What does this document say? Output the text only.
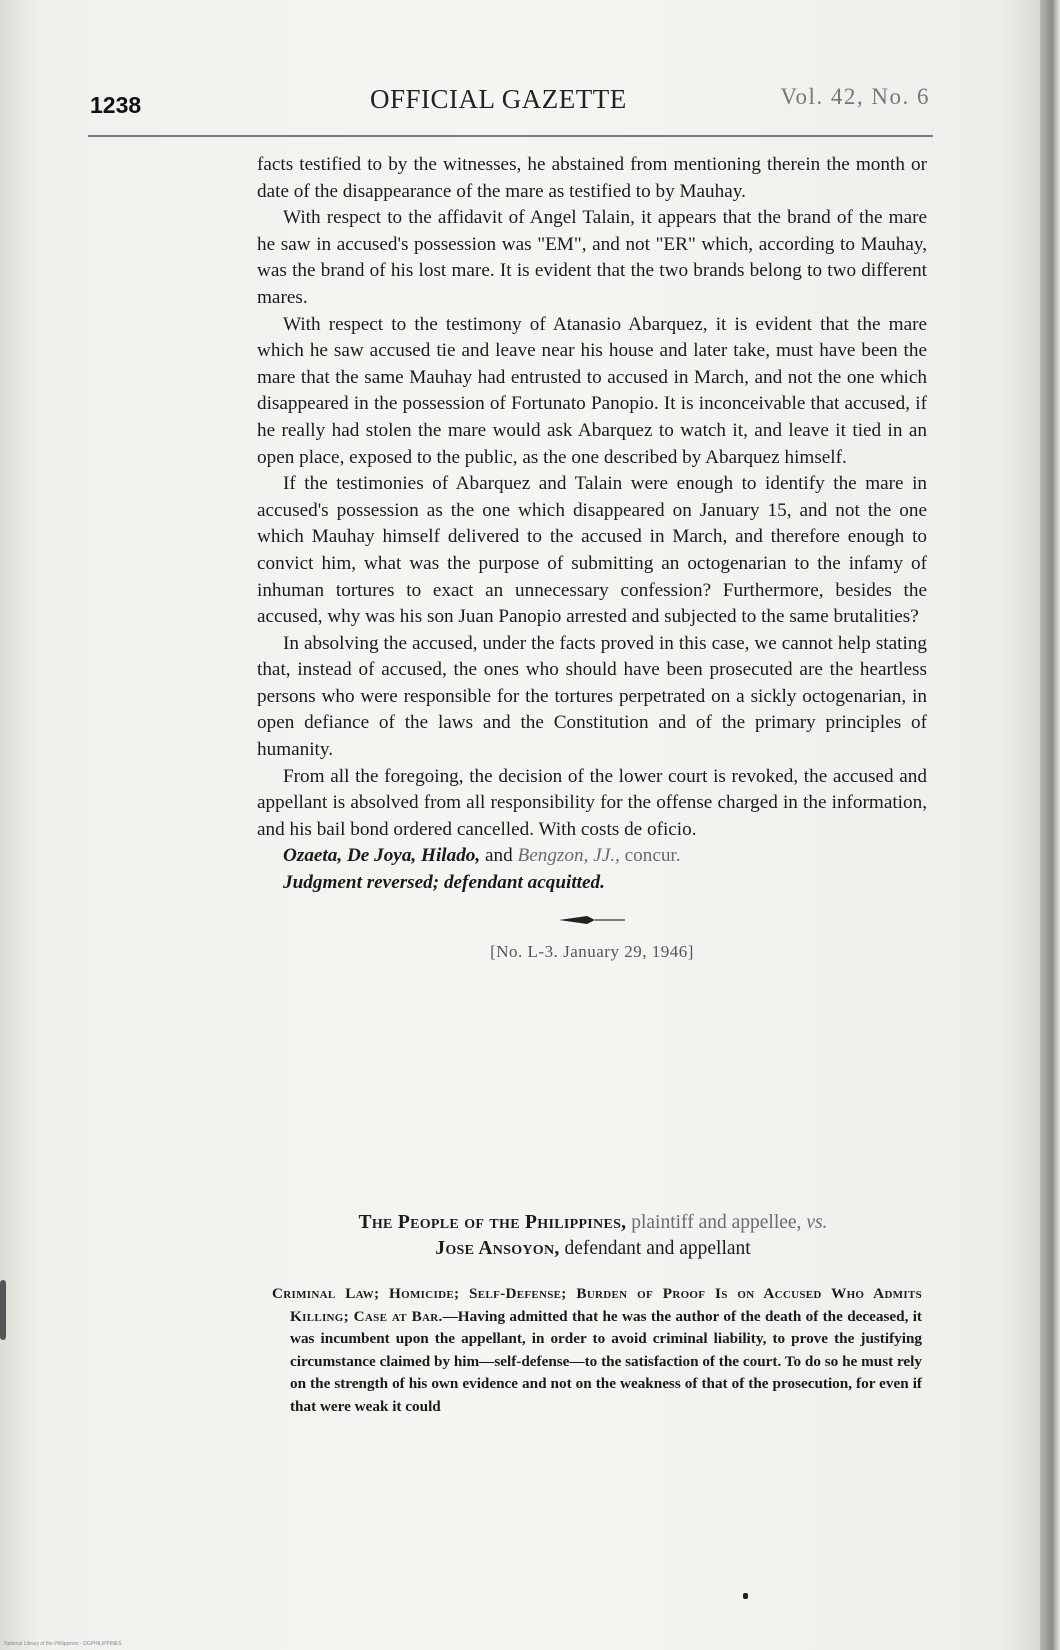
1238	OFFICIAL GAZETTE	Vol. 42, No. 6

facts testified to by the witnesses, he abstained from mentioning therein the month or date of the disappearance of the mare as testified to by Mauhay.

With respect to the affidavit of Angel Talain, it appears that the brand of the mare he saw in accused's possession was "EM", and not "ER" which, according to Mauhay, was the brand of his lost mare. It is evident that the two brands belong to two different mares.

With respect to the testimony of Atanasio Abarquez, it is evident that the mare which he saw accused tie and leave near his house and later take, must have been the mare that the same Mauhay had entrusted to accused in March, and not the one which disappeared in the possession of Fortunato Panopio. It is inconceivable that accused, if he really had stolen the mare would ask Abarquez to watch it, and leave it tied in an open place, exposed to the public, as the one described by Abarquez himself.

If the testimonies of Abarquez and Talain were enough to identify the mare in accused's possession as the one which disappeared on January 15, and not the one which Mauhay himself delivered to the accused in March, and therefore enough to convict him, what was the purpose of submitting an octogenarian to the infamy of inhuman tortures to exact an unnecessary confession? Furthermore, besides the accused, why was his son Juan Panopio arrested and subjected to the same brutalities?

In absolving the accused, under the facts proved in this case, we cannot help stating that, instead of accused, the ones who should have been prosecuted are the heartless persons who were responsible for the tortures perpetrated on a sickly octogenarian, in open defiance of the laws and the Constitution and of the primary principles of humanity.

From all the foregoing, the decision of the lower court is revoked, the accused and appellant is absolved from all responsibility for the offense charged in the information, and his bail bond ordered cancelled. With costs de oficio.

Ozaeta, De Joya, Hilado, and Bengzon, JJ., concur.

Judgment reversed; defendant acquitted.

[No. L-3. January 29, 1946]
The People of the Philippines, plaintiff and appellee, vs.
Jose Ansoyon, defendant and appellant

Criminal Law; Homicide; Self-Defense; Burden of Proof Is on Accused Who Admits Killing; Case at Bar.—Having admitted that he was the author of the death of the deceased, it was incumbent upon the appellant, in order to avoid criminal liability, to prove the justifying circumstance claimed by him—self-defense—to the satisfaction of the court. To do so he must rely on the strength of his own evidence and not on the weakness of that of the prosecution, for even if that were weak it could

National Library of the Philippines · OGPHILIPPINES
